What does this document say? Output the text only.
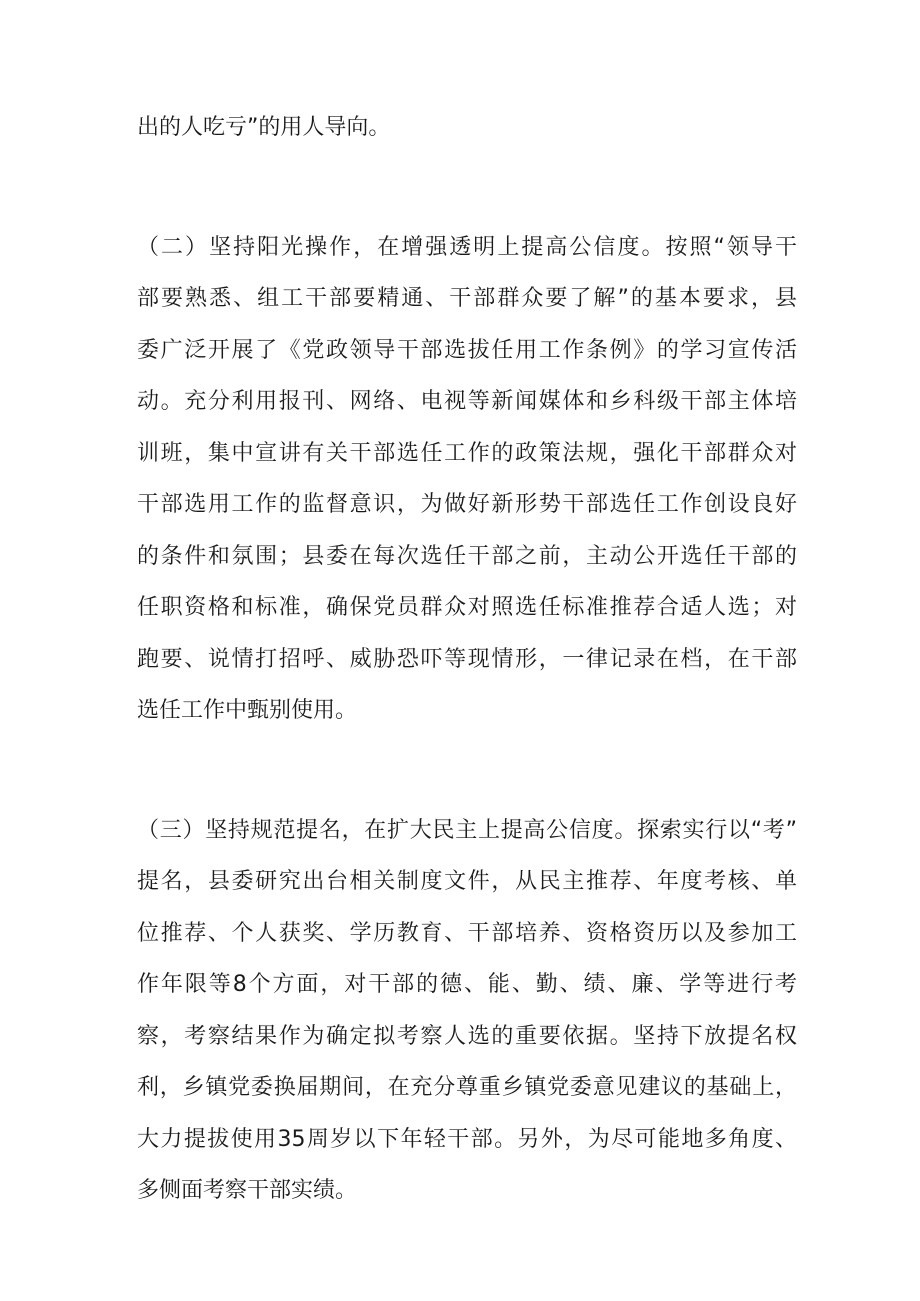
出的人吃亏”的用人导向。

（二）坚持阳光操作，在增强透明上提高公信度。按照“领导干

部要熟悉、组工干部要精通、干部群众要了解”的基本要求，县

委广泛开展了《党政领导干部选拔任用工作条例》的学习宣传活

动。充分利用报刊、网络、电视等新闻媒体和乡科级干部主体培

训班，集中宣讲有关干部选任工作的政策法规，强化干部群众对

干部选用工作的监督意识，为做好新形势干部选任工作创设良好

的条件和氛围；县委在每次选任干部之前，主动公开选任干部的

任职资格和标准，确保党员群众对照选任标准推荐合适人选；对

跑要、说情打招呼、威胁恐吓等现情形，一律记录在档，在干部

选任工作中甄别使用。

（三）坚持规范提名，在扩大民主上提高公信度。探索实行以“考”

提名，县委研究出台相关制度文件，从民主推荐、年度考核、单

位推荐、个人获奖、学历教育、干部培养、资格资历以及参加工

作年限等8个方面，对干部的德、能、勤、绩、廉、学等进行考

察，考察结果作为确定拟考察人选的重要依据。坚持下放提名权

利，乡镇党委换届期间，在充分尊重乡镇党委意见建议的基础上，

大力提拔使用35周岁以下年轻干部。另外，为尽可能地多角度、

多侧面考察干部实绩。
